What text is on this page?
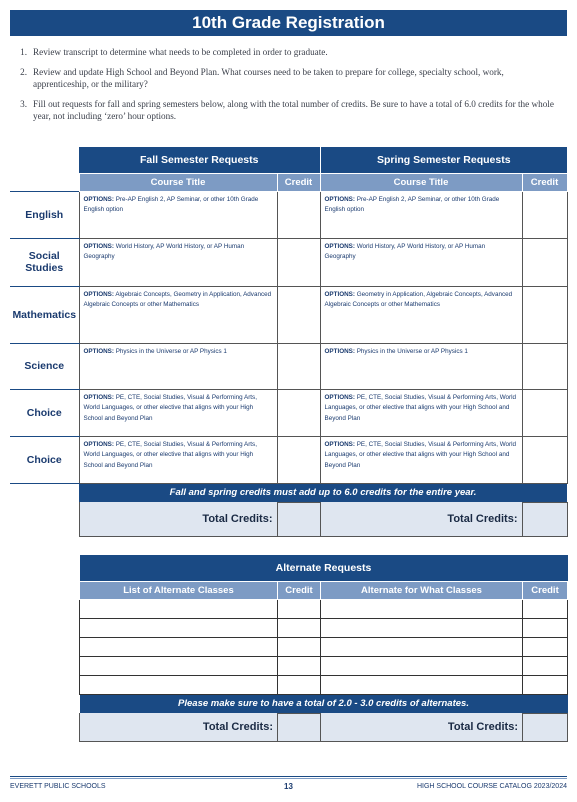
10th Grade Registration
1. Review transcript to determine what needs to be completed in order to graduate.
2. Review and update High School and Beyond Plan. What courses need to be taken to prepare for college, specialty school, work, apprenticeship, or the military?
3. Fill out requests for fall and spring semesters below, along with the total number of credits. Be sure to have a total of 6.0 credits for the whole year, not including ‘zero’ hour options.
	Fall Semester Requests		Spring Semester Requests	
	Course Title	Credit	Course Title	Credit
English	OPTIONS: Pre-AP English 2, AP Seminar, or other 10th Grade English option		OPTIONS: Pre-AP English 2, AP Seminar, or other 10th Grade English option	
Social Studies	OPTIONS: World History, AP World History, or AP Human Geography		OPTIONS: World History, AP World History, or AP Human Geography	
Mathematics	OPTIONS: Algebraic Concepts, Geometry in Application, Advanced Algebraic Concepts or other Mathematics		OPTIONS: Geometry in Application, Algebraic Concepts, Advanced Algebraic Concepts or other Mathematics	
Science	OPTIONS: Physics in the Universe or AP Physics 1		OPTIONS: Physics in the Universe or AP Physics 1	
Choice	OPTIONS: PE, CTE, Social Studies, Visual & Performing Arts, World Languages, or other elective that aligns with your High School and Beyond Plan		OPTIONS: PE, CTE, Social Studies, Visual & Performing Arts, World Languages, or other elective that aligns with your High School and Beyond Plan	
Choice	OPTIONS: PE, CTE, Social Studies, Visual & Performing Arts, World Languages, or other elective that aligns with your High School and Beyond Plan		OPTIONS: PE, CTE, Social Studies, Visual & Performing Arts, World Languages, or other elective that aligns with your High School and Beyond Plan	
	Fall and spring credits must add up to 6.0 credits for the entire year.			
	Total Credits:		Total Credits:	
Alternate Requests			
List of Alternate Classes	Credit	Alternate for What Classes	Credit

Please make sure to have a total of 2.0 - 3.0 credits of alternates.			
Total Credits:		Total Credits:	
EVERETT PUBLIC SCHOOLS	13	HIGH SCHOOL COURSE CATALOG 2023/2024
